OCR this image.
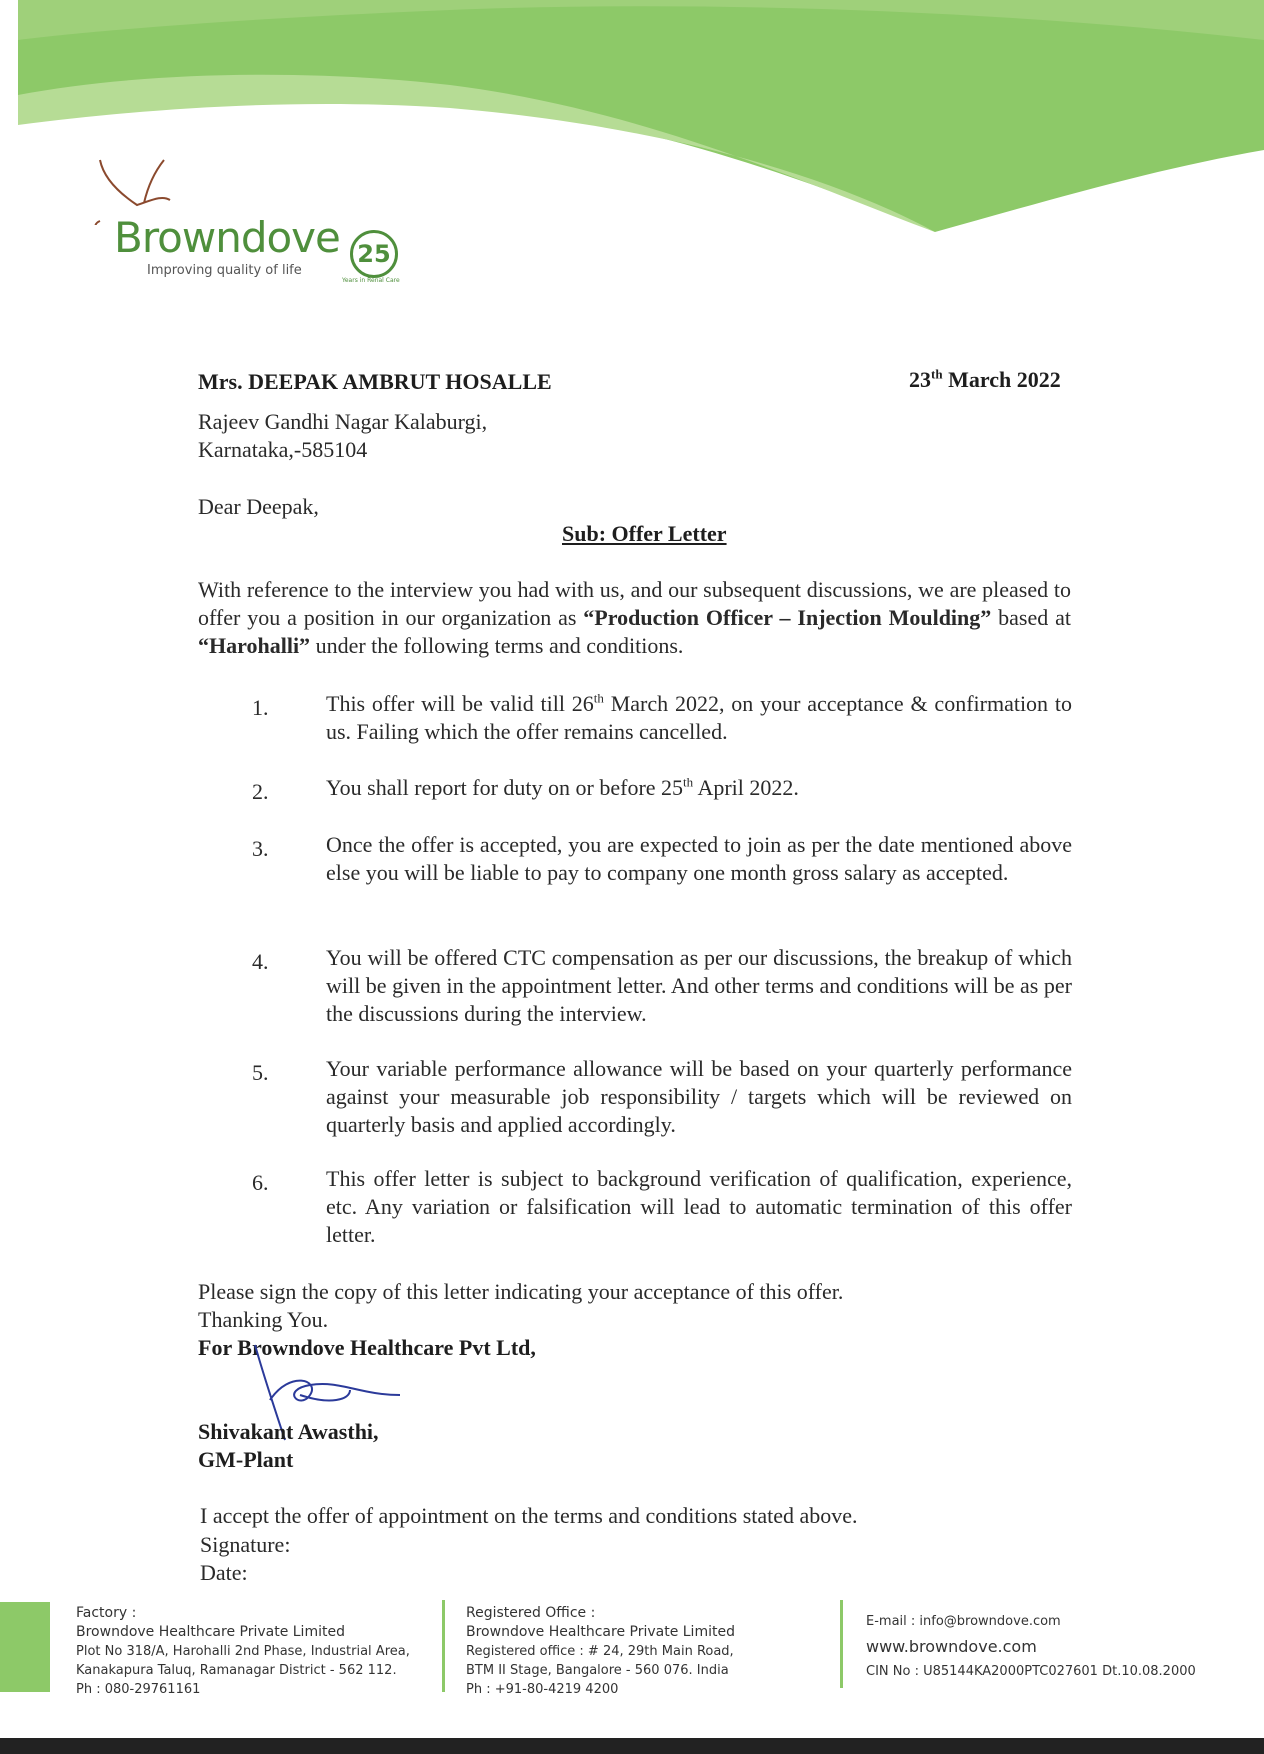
Browndove
Improving quality of life
25
Years in Renal Care
Mrs. DEEPAK AMBRUT HOSALLE	23th March 2022
Rajeev Gandhi Nagar Kalaburgi,
Karnataka,-585104
Dear Deepak,
Sub: Offer Letter
With reference to the interview you had with us, and our subsequent discussions, we are pleased to offer you a position in our organization as “Production Officer – Injection Moulding” based at “Harohalli” under the following terms and conditions.
1.	This offer will be valid till 26th March 2022, on your acceptance & confirmation to us. Failing which the offer remains cancelled.
2.	You shall report for duty on or before 25th April 2022.
3.	Once the offer is accepted, you are expected to join as per the date mentioned above else you will be liable to pay to company one month gross salary as accepted.
4.	You will be offered CTC compensation as per our discussions, the breakup of which will be given in the appointment letter. And other terms and conditions will be as per the discussions during the interview.
5.	Your variable performance allowance will be based on your quarterly performance against your measurable job responsibility / targets which will be reviewed on quarterly basis and applied accordingly.
6.	This offer letter is subject to background verification of qualification, experience, etc. Any variation or falsification will lead to automatic termination of this offer letter.
Please sign the copy of this letter indicating your acceptance of this offer.
Thanking You.
For Browndove Healthcare Pvt Ltd,
Shivakant Awasthi,
GM-Plant
I accept the offer of appointment on the terms and conditions stated above.
Signature:
Date:
Factory :
Browndove Healthcare Private Limited
Plot No 318/A, Harohalli 2nd Phase, Industrial Area,
Kanakapura Taluq, Ramanagar District - 562 112.
Ph : 080-29761161
Registered Office :
Browndove Healthcare Private Limited
Registered office : # 24, 29th Main Road,
BTM II Stage, Bangalore - 560 076. India
Ph : +91-80-4219 4200
E-mail : info@browndove.com
www.browndove.com
CIN No : U85144KA2000PTC027601 Dt.10.08.2000
